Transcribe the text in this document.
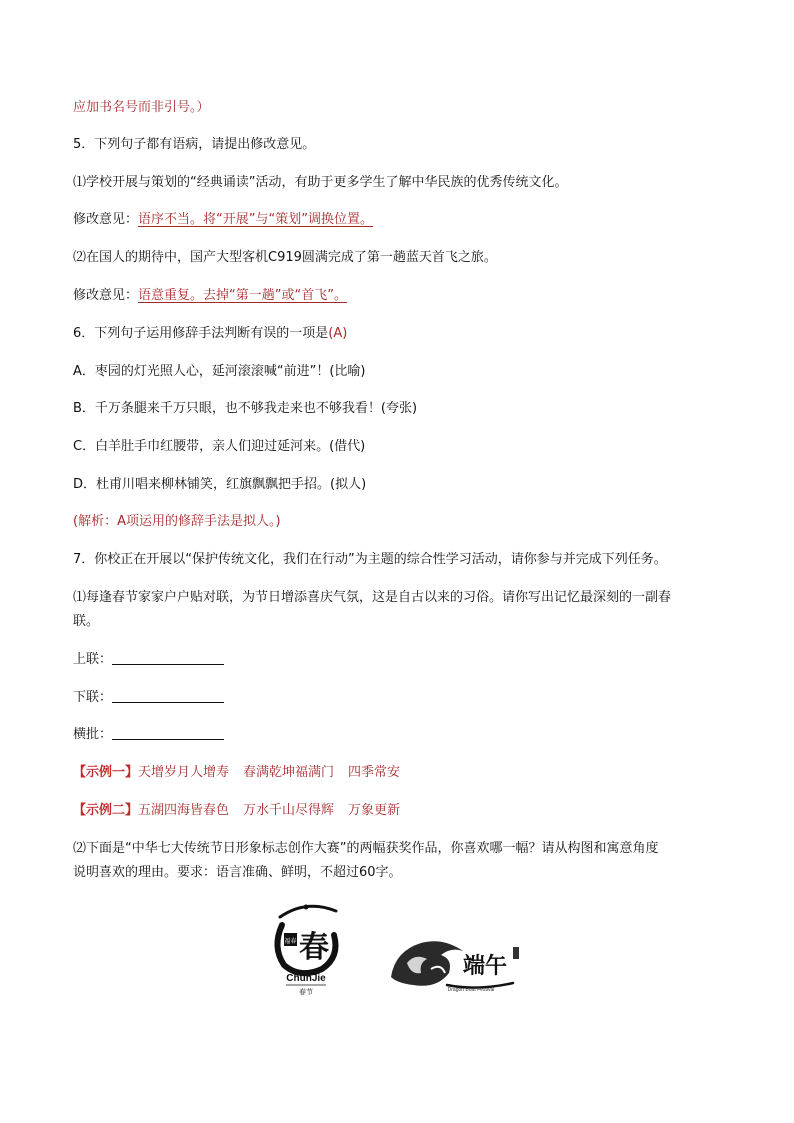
应加书名号而非引号。）
5．下列句子都有语病，请提出修改意见。
⑴学校开展与策划的“经典诵读”活动，有助于更多学生了解中华民族的优秀传统文化。
修改意见：语序不当。将“开展”与“策划”调换位置。
⑵在国人的期待中，国产大型客机C919圆满完成了第一趟蓝天首飞之旅。
修改意见：语意重复。去掉“第一趟”或“首飞”。
6．下列句子运用修辞手法判断有误的一项是(A)
A．枣园的灯光照人心，延河滚滚喊“前进”！(比喻)
B．千万条腿来千万只眼，也不够我走来也不够我看！(夸张)
C．白羊肚手巾红腰带，亲人们迎过延河来。(借代)
D．杜甫川唱来柳林铺笑，红旗飘飘把手招。(拟人)
(解析：A项运用的修辞手法是拟人。)
7．你校正在开展以“保护传统文化，我们在行动”为主题的综合性学习活动，请你参与并完成下列任务。
⑴每逢春节家家户户贴对联，为节日增添喜庆气氛，这是自古以来的习俗。请你写出记忆最深刻的一副春
联。
上联：
下联：
横批：
【示例一】天增岁月人增寿 春满乾坤福满门 四季常安
【示例二】五湖四海皆春色 万水千山尽得辉 万象更新
⑵下面是“中华七大传统节日形象标志创作大赛”的两幅获奖作品，你喜欢哪一幅？请从构图和寓意角度
说明喜欢的理由。要求：语言准确、鲜明，不超过60字。
福春 春
ChunJie
春节
端午
Dragon Boat Festival
